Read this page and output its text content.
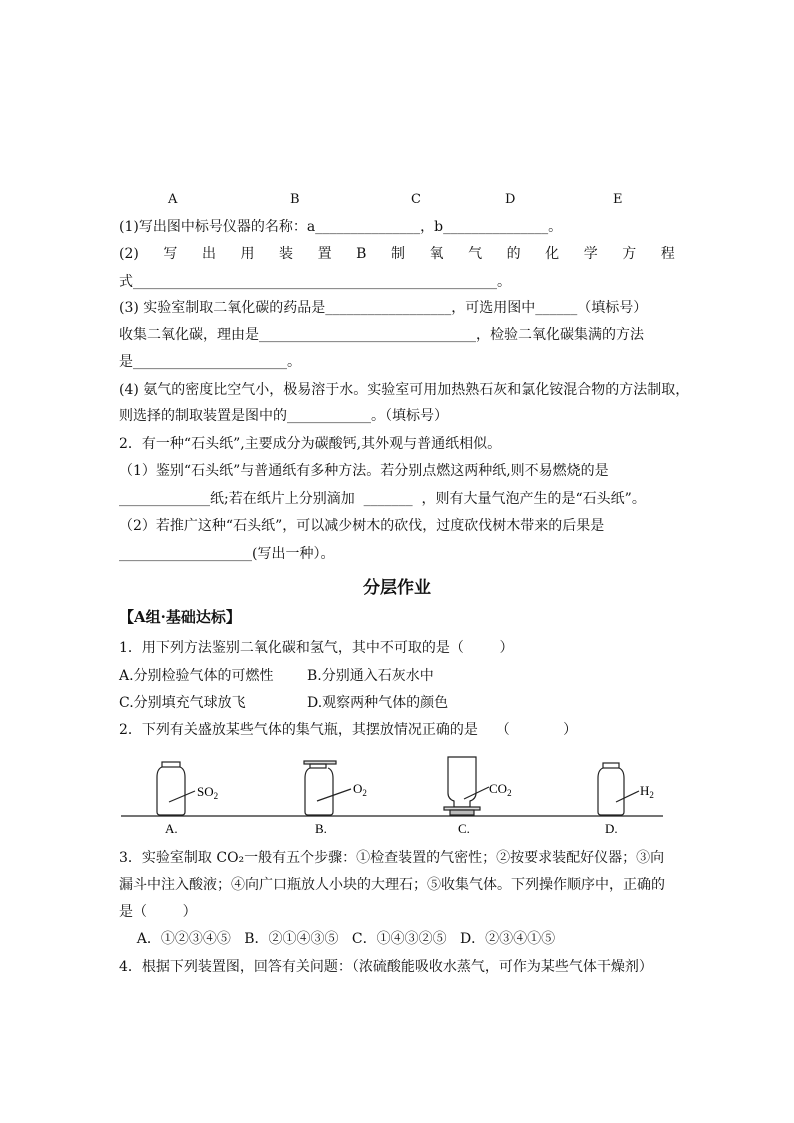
A	B	C	D	E
(1)写出图中标号仪器的名称：a_______________，b_______________。
(2) 写 出 用 装 置 B 制 氧 气 的 化 学 方 程
式____________________________________________________。
(3) 实验室制取二氧化碳的药品是__________________，可选用图中______（填标号）
收集二氧化碳，理由是_______________________________，检验二氧化碳集满的方法
是______________________。
(4) 氨气的密度比空气小，极易溶于水。实验室可用加热熟石灰和氯化铵混合物的方法制取，
则选择的制取装置是图中的____________。（填标号）
2．有一种“石头纸”,主要成分为碳酸钙,其外观与普通纸相似。
（1）鉴别“石头纸”与普通纸有多种方法。若分别点燃这两种纸,则不易燃烧的是
_____________纸;若在纸片上分别滴加  _______  ，则有大量气泡产生的是“石头纸”。
（2）若推广这种“石头纸”，可以减少树木的砍伐，过度砍伐树木带来的后果是
___________________(写出一种）。
分层作业
【A组·基础达标】
1．用下列方法鉴别二氧化碳和氢气，其中不可取的是（        ）
A.分别检验气体的可燃性 B.分别通入石灰水中
C.分别填充气球放飞	D.观察两种气体的颜色
2．下列有关盛放某些气体的集气瓶，其摆放情况正确的是    （            ）
$SO_2$
A.
$O_2$
B.
$CO_2$
C.
$H_2$
D.
3．实验室制取 CO₂一般有五个步骤：①检查装置的气密性；②按要求装配好仪器；③向
漏斗中注入酸液；④向广口瓶放人小块的大理石；⑤收集气体。下列操作顺序中，正确的
是（        ）
A．①②③④⑤   B．②①④③⑤   C．①④③②⑤   D．②③④①⑤
4．根据下列装置图，回答有关问题：（浓硫酸能吸收水蒸气，可作为某些气体干燥剂）
